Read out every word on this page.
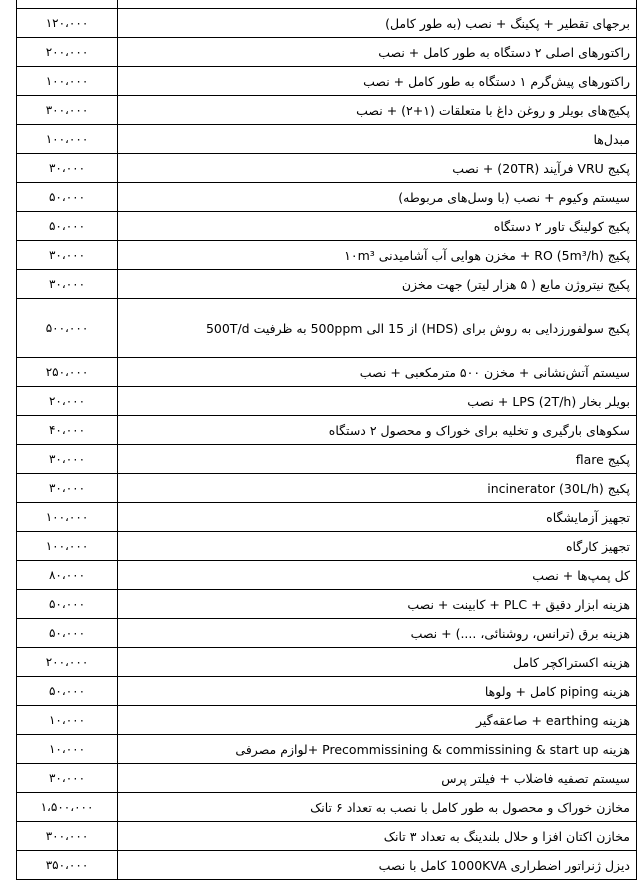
برجهای تقطیر + پکینگ + نصب (به طور کامل)	۱۲۰،۰۰۰
راکتورهای اصلی ۲ دستگاه به طور کامل + نصب	۲۰۰،۰۰۰
راکتورهای پیش‌گرم ۱ دستگاه به طور کامل + نصب	۱۰۰،۰۰۰
پکیج‌های بویلر و روغن داغ با متعلقات (۱+۲) + نصب	۳۰۰،۰۰۰
مبدل‌ها	۱۰۰،۰۰۰
پکیج VRU فرآیند (20TR) + نصب	۳۰،۰۰۰
سیستم وکیوم + نصب (با وسل‌های مربوطه)	۵۰،۰۰۰
پکیج کولینگ تاور ۲ دستگاه	۵۰،۰۰۰
پکیج RO (5m³/h) + مخزن هوایی آب آشامیدنی ۱۰m³	۳۰،۰۰۰
پکیج نیتروژن مایع ( ۵ هزار لیتر) جهت مخزن	۳۰،۰۰۰
پکیج سولفورزدایی به روش برای (HDS) از 15 الی 500ppm به ظرفیت 500T/d	۵۰۰،۰۰۰
سیستم آتش‌نشانی + مخزن ۵۰۰ مترمکعبی + نصب	۲۵۰،۰۰۰
بویلر بخار LPS (2T/h) + نصب	۲۰،۰۰۰
سکوهای بارگیری و تخلیه برای خوراک و محصول ۲ دستگاه	۴۰،۰۰۰
پکیج flare	۳۰،۰۰۰
پکیج incinerator (30L/h)	۳۰،۰۰۰
تجهیز آزمایشگاه	۱۰۰،۰۰۰
تجهیز کارگاه	۱۰۰،۰۰۰
کل پمپ‌ها + نصب	۸۰،۰۰۰
هزینه ابزار دقیق + PLC + کابینت + نصب	۵۰،۰۰۰
هزینه برق (ترانس، روشنائی، ....) + نصب	۵۰،۰۰۰
هزینه اکستراکچر کامل	۲۰۰،۰۰۰
هزینه piping کامل + ولوها	۵۰،۰۰۰
هزینه earthing + صاعقه‌گیر	۱۰،۰۰۰
هزینه Precommissining & commissining & start up +لوازم مصرفی	۱۰،۰۰۰
سیستم تصفیه فاضلاب + فیلتر پرس	۳۰،۰۰۰
مخازن خوراک و محصول به طور کامل با نصب به تعداد ۶ تانک	۱،۵۰۰،۰۰۰
مخازن اکتان افزا و حلال بلندینگ به تعداد ۳ تانک	۳۰۰،۰۰۰
دیزل ژنراتور اضطراری 1000KVA کامل با نصب	۳۵۰،۰۰۰
